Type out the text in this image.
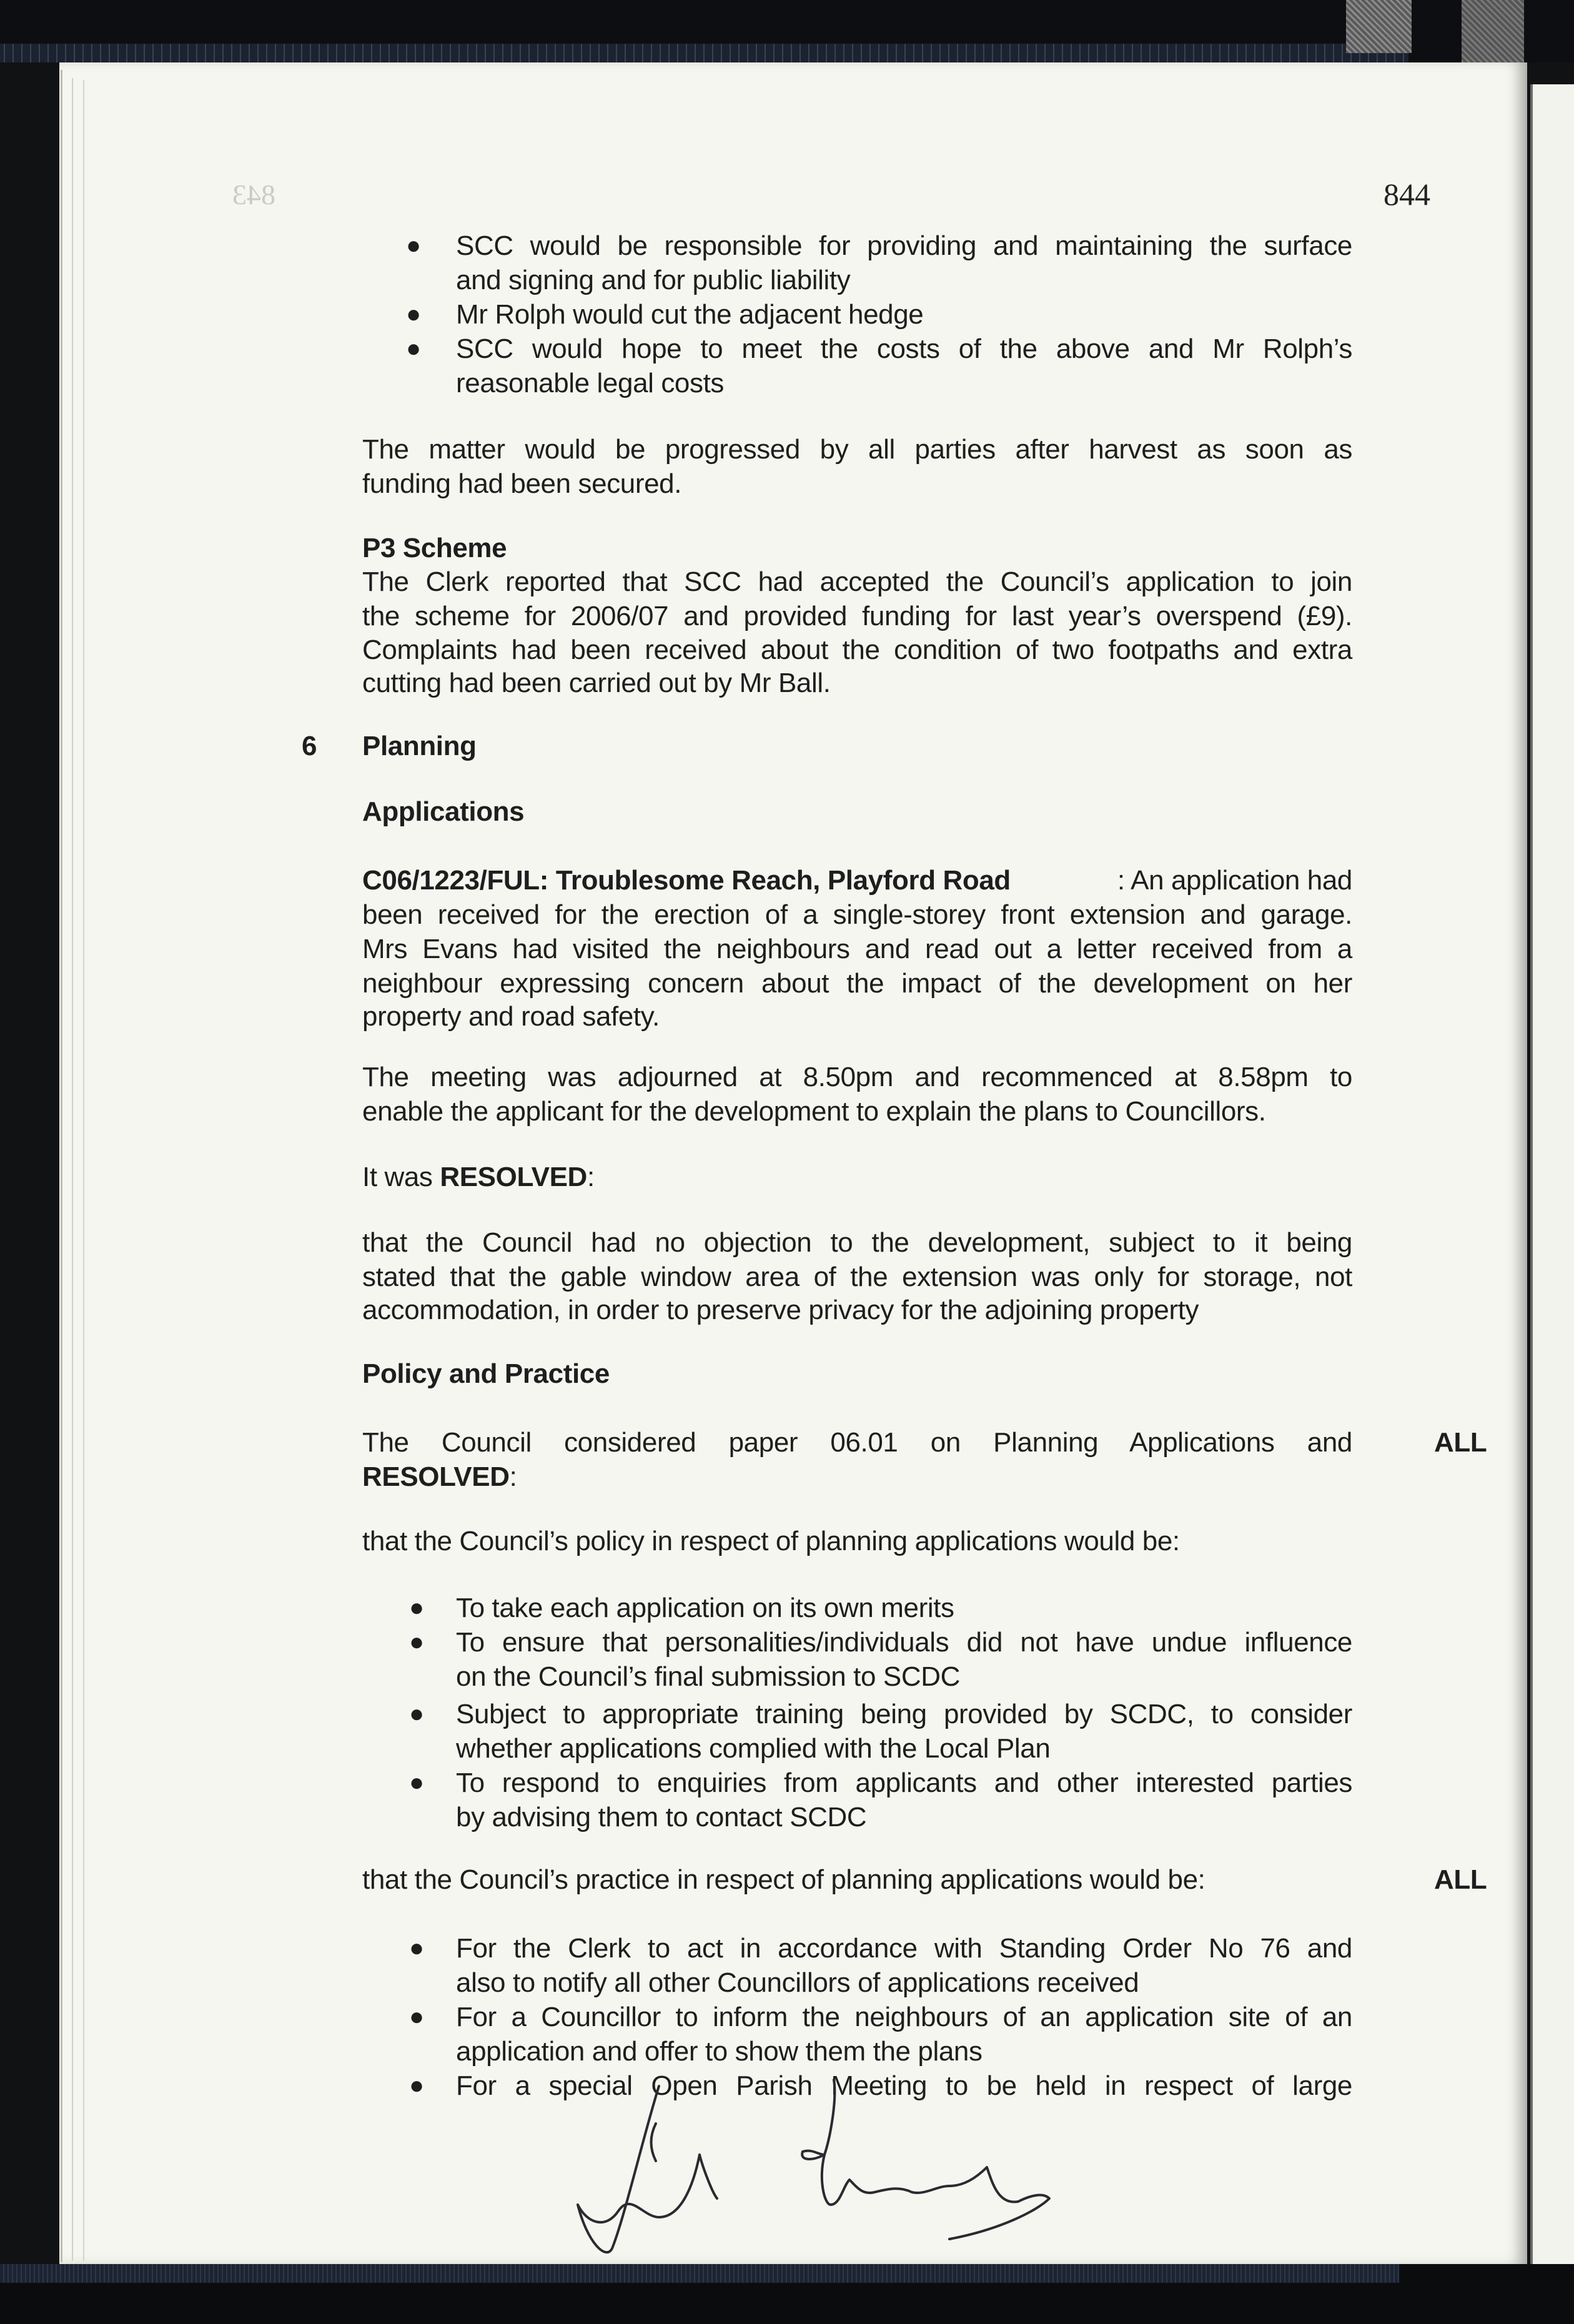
843	844
● SCC would be responsible for providing and maintaining the surface
and signing and for public liability
● Mr Rolph would cut the adjacent hedge
● SCC would hope to meet the costs of the above and Mr Rolph’s
reasonable legal costs
The matter would be progressed by all parties after harvest as soon as
funding had been secured.
P3 Scheme
The Clerk reported that SCC had accepted the Council’s application to join
the scheme for 2006/07 and provided funding for last year’s overspend (£9).
Complaints had been received about the condition of two footpaths and extra
cutting had been carried out by Mr Ball.
6 Planning
Applications
C06/1223/FUL: Troublesome Reach, Playford Road	: An application had
been received for the erection of a single-storey front extension and garage.
Mrs Evans had visited the neighbours and read out a letter received from a
neighbour expressing concern about the impact of the development on her
property and road safety.
The meeting was adjourned at 8.50pm and recommenced at 8.58pm to
enable the applicant for the development to explain the plans to Councillors.
It was RESOLVED:
that the Council had no objection to the development, subject to it being
stated that the gable window area of the extension was only for storage, not
accommodation, in order to preserve privacy for the adjoining property
Policy and Practice
The Council considered paper 06.01 on Planning Applications and	ALL
RESOLVED:
that the Council’s policy in respect of planning applications would be:
● To take each application on its own merits
● To ensure that personalities/individuals did not have undue influence
on the Council’s final submission to SCDC
● Subject to appropriate training being provided by SCDC, to consider
whether applications complied with the Local Plan
● To respond to enquiries from applicants and other interested parties
by advising them to contact SCDC
that the Council’s practice in respect of planning applications would be:	ALL
● For the Clerk to act in accordance with Standing Order No 76 and
also to notify all other Councillors of applications received
● For a Councillor to inform the neighbours of an application site of an
application and offer to show them the plans
● For a special Open Parish Meeting to be held in respect of large
